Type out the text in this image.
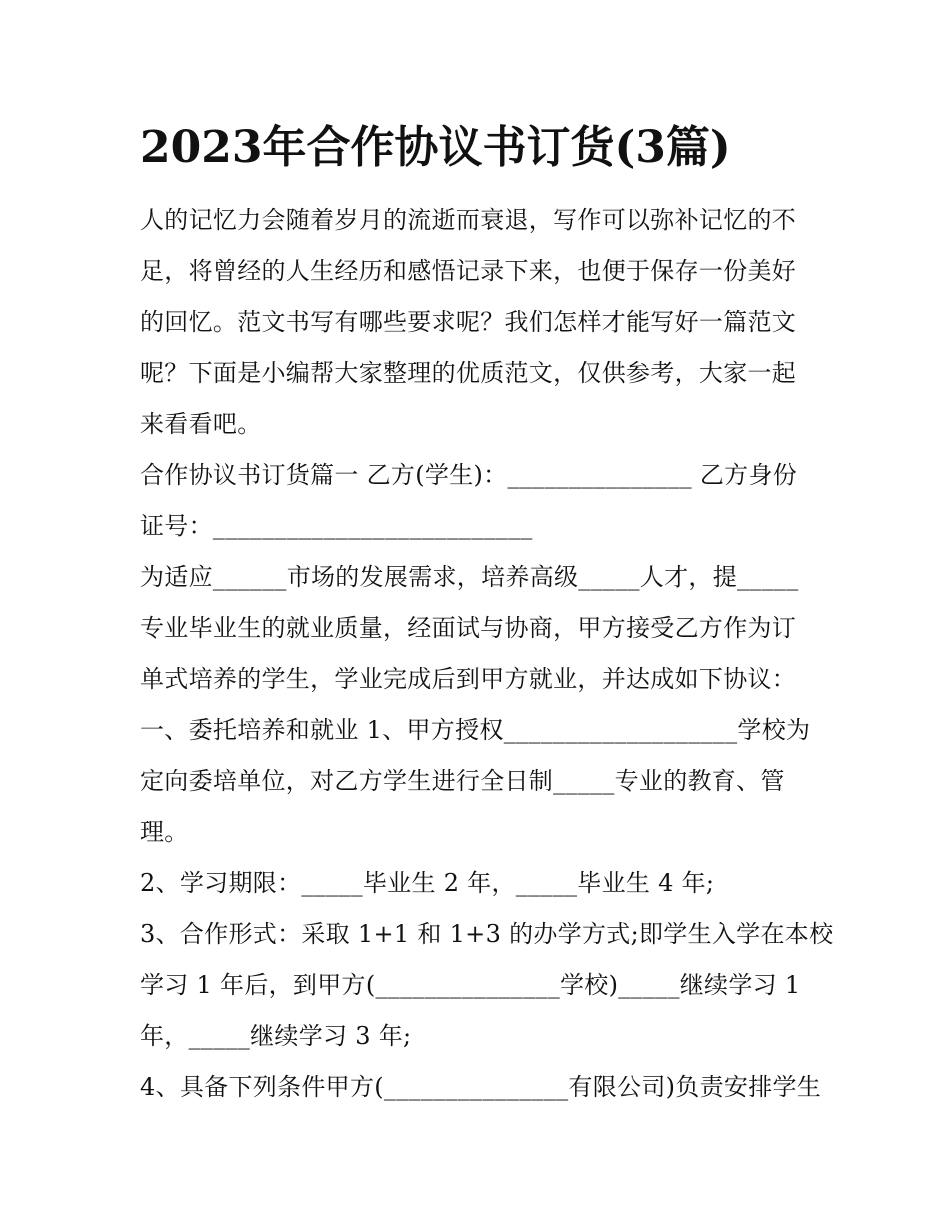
2023年合作协议书订货(3篇)

人的记忆力会随着岁月的流逝而衰退，写作可以弥补记忆的不

足，将曾经的人生经历和感悟记录下来，也便于保存一份美好

的回忆。范文书写有哪些要求呢？我们怎样才能写好一篇范文

呢？下面是小编帮大家整理的优质范文，仅供参考，大家一起

来看看吧。

合作协议书订货篇一 乙方(学生)：_______________ 乙方身份

证号：__________________________

为适应______市场的发展需求，培养高级_____人才，提_____

专业毕业生的就业质量，经面试与协商，甲方接受乙方作为订

单式培养的学生，学业完成后到甲方就业，并达成如下协议：

一、委托培养和就业 1、甲方授权___________________学校为

定向委培单位，对乙方学生进行全日制_____专业的教育、管

理。

2、学习期限：_____毕业生 2 年，_____毕业生 4 年;

3、合作形式：采取 1+1 和 1+3 的办学方式;即学生入学在本校

学习 1 年后，到甲方(_______________学校)_____继续学习 1

年，_____继续学习 3 年;

4、具备下列条件甲方(_______________有限公司)负责安排学生
